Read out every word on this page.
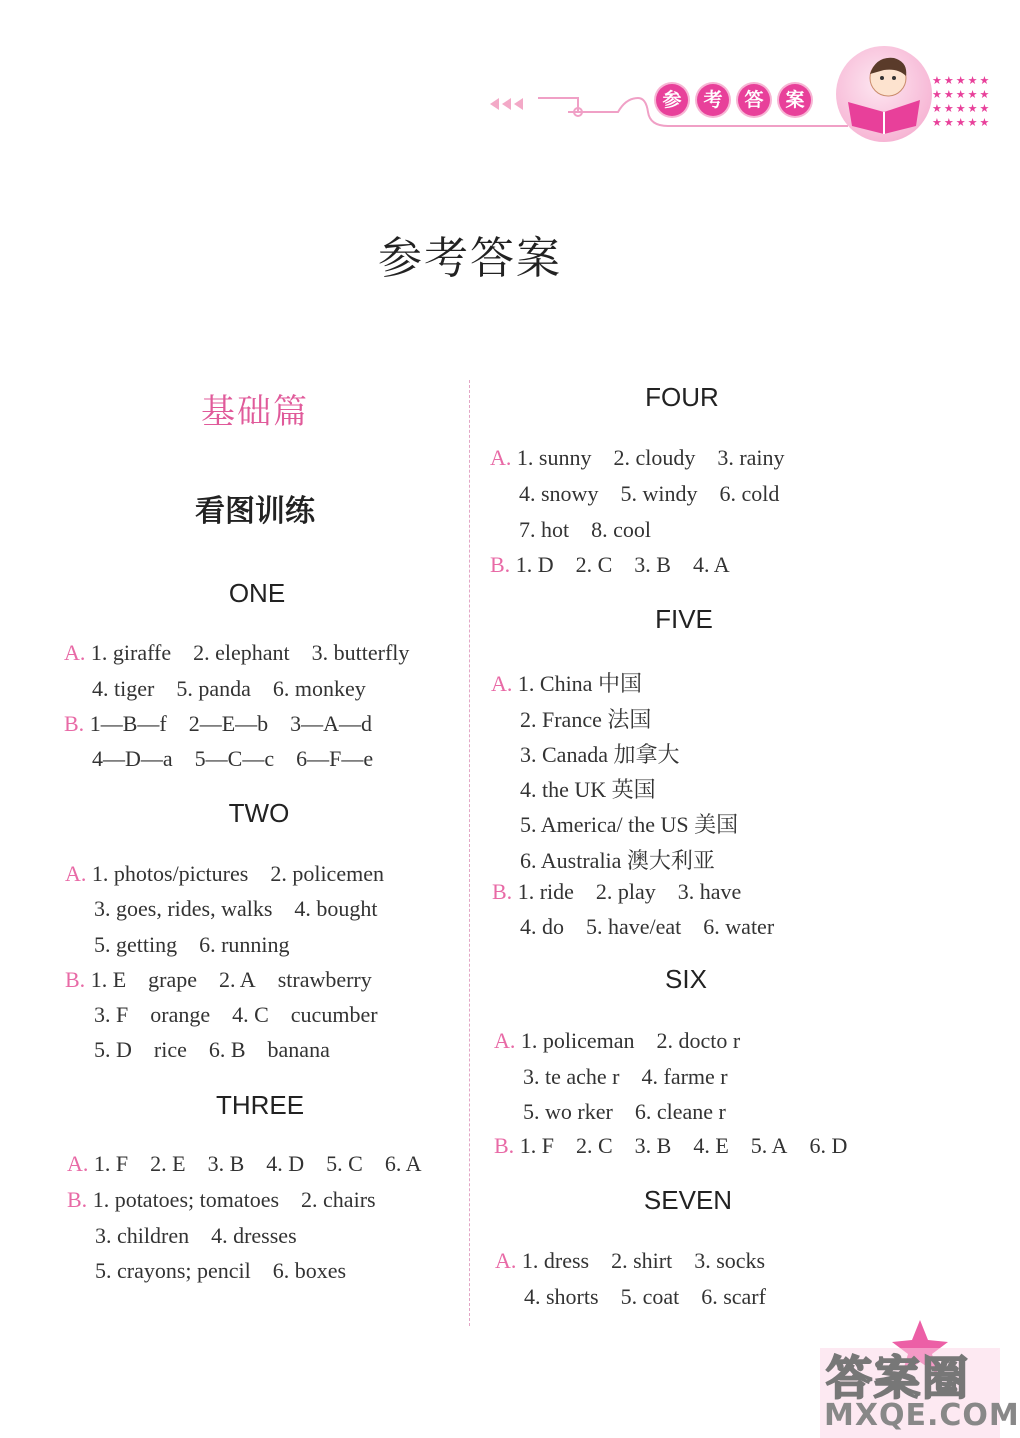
参	考	答	案
★★★★★ ★★★★★ ★★★★★ ★★★★★
参考答案
基础篇
看图训练
ONE
A. 1. giraffe 2. elephant 3. butterfly
4. tiger 5. panda 6. monkey
B. 1—B—f 2—E—b 3—A—d
4—D—a 5—C—c 6—F—e
TWO
A. 1. photos/pictures 2. policemen
3. goes, rides, walks 4. bought
5. getting 6. running
B. 1. E grape 2. A strawberry
3. F orange 4. C cucumber
5. D rice 6. B banana
THREE
A. 1. F 2. E 3. B 4. D 5. C 6. A
B. 1. potatoes; tomatoes 2. chairs
3. children 4. dresses
5. crayons; pencil 6. boxes
FOUR
A. 1. sunny 2. cloudy 3. rainy
4. snowy 5. windy 6. cold
7. hot 8. cool
B. 1. D 2. C 3. B 4. A
FIVE
A. 1. China 中国
2. France 法国
3. Canada 加拿大
4. the UK 英国
5. America/ the US 美国
6. Australia 澳大利亚
B. 1. ride 2. play 3. have
4. do 5. have/eat 6. water
SIX
A. 1. policeman 2. docto r
3. te ache r 4. farme r
5. wo rker 6. cleane r
B. 1. F 2. C 3. B 4. E 5. A 6. D
SEVEN
A. 1. dress 2. shirt 3. socks
4. shorts 5. coat 6. scarf
答案圈
MXQE.COM
